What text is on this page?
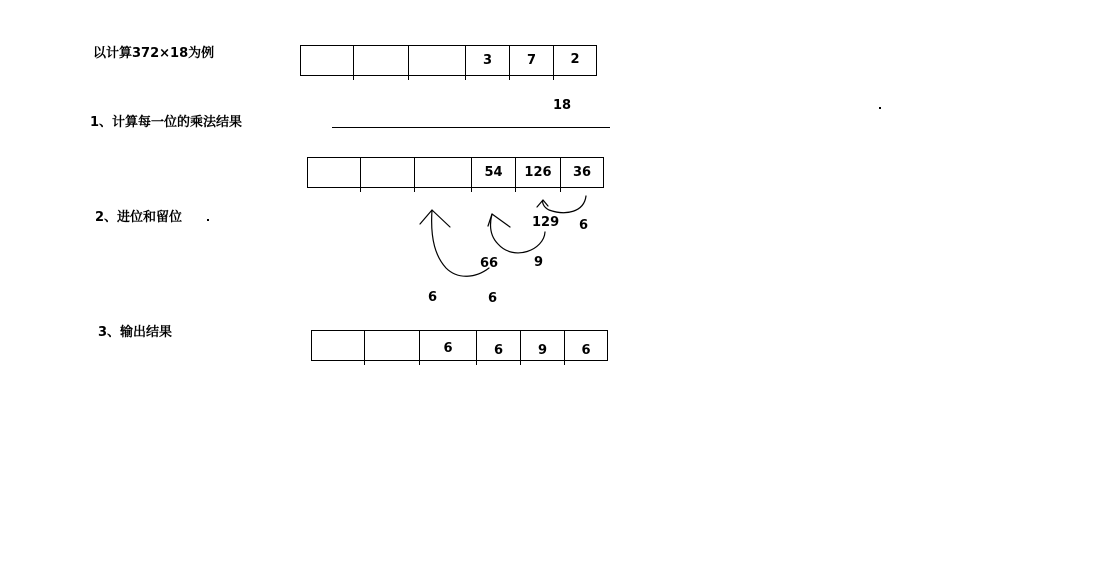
以计算372×18为例	3	7	2
18
1、计算每一位的乘法结果
54 126 36
2、进位和留位	129 6
66	9
6	6
3、输出结果
6	6	9	6
